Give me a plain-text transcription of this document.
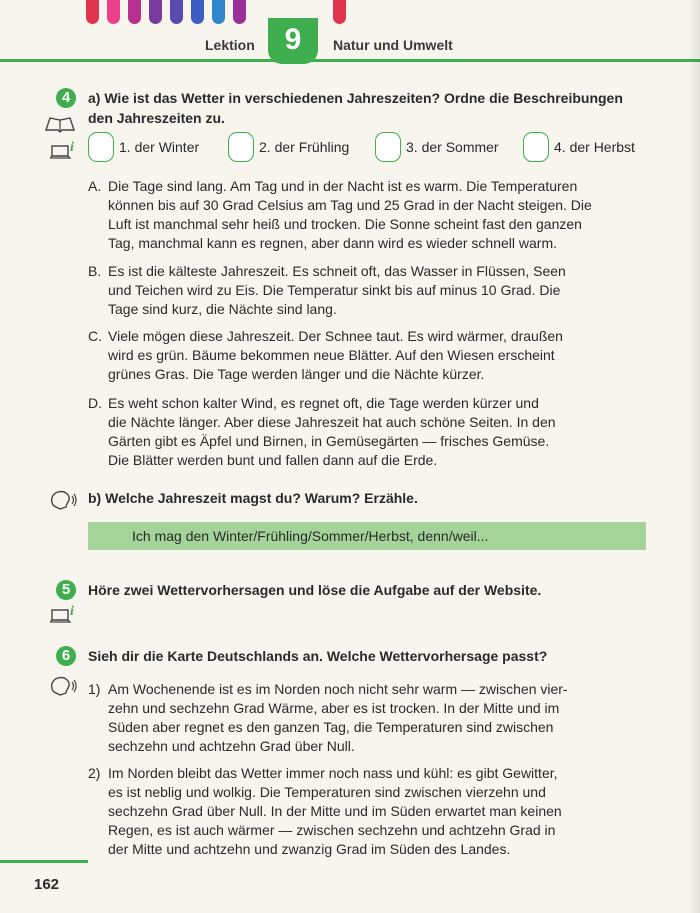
Lektion 9	Natur und Umwelt
4	a) Wie ist das Wetter in verschiedenen Jahreszeiten? Ordne die Beschreibungen
den Jahreszeiten zu.
i	1. der Winter	2. der Frühling	3. der Sommer	4. der Herbst
A. Die Tage sind lang. Am Tag und in der Nacht ist es warm. Die Temperaturen
können bis auf 30 Grad Celsius am Tag und 25 Grad in der Nacht steigen. Die
Luft ist manchmal sehr heiß und trocken. Die Sonne scheint fast den ganzen
Tag, manchmal kann es regnen, aber dann wird es wieder schnell warm.
B. Es ist die kälteste Jahreszeit. Es schneit oft, das Wasser in Flüssen, Seen
und Teichen wird zu Eis. Die Temperatur sinkt bis auf minus 10 Grad. Die
Tage sind kurz, die Nächte sind lang.
C. Viele mögen diese Jahreszeit. Der Schnee taut. Es wird wärmer, draußen
wird es grün. Bäume bekommen neue Blätter. Auf den Wiesen erscheint
grünes Gras. Die Tage werden länger und die Nächte kürzer.
D. Es weht schon kalter Wind, es regnet oft, die Tage werden kürzer und
die Nächte länger. Aber diese Jahreszeit hat auch schöne Seiten. In den
Gärten gibt es Äpfel und Birnen, in Gemüsegärten — frisches Gemüse.
Die Blätter werden bunt und fallen dann auf die Erde.
b) Welche Jahreszeit magst du? Warum? Erzähle.
Ich mag den Winter/Frühling/Sommer/Herbst, denn/weil...
5	Höre zwei Wettervorhersagen und löse die Aufgabe auf der Website.
i
6	Sieh dir die Karte Deutschlands an. Welche Wettervorhersage passt?
1) Am Wochenende ist es im Norden noch nicht sehr warm — zwischen vier-
zehn und sechzehn Grad Wärme, aber es ist trocken. In der Mitte und im
Süden aber regnet es den ganzen Tag, die Temperaturen sind zwischen
sechzehn und achtzehn Grad über Null.
2) Im Norden bleibt das Wetter immer noch nass und kühl: es gibt Gewitter,
es ist neblig und wolkig. Die Temperaturen sind zwischen vierzehn und
sechzehn Grad über Null. In der Mitte und im Süden erwartet man keinen
Regen, es ist auch wärmer — zwischen sechzehn und achtzehn Grad in
der Mitte und achtzehn und zwanzig Grad im Süden des Landes.
162
